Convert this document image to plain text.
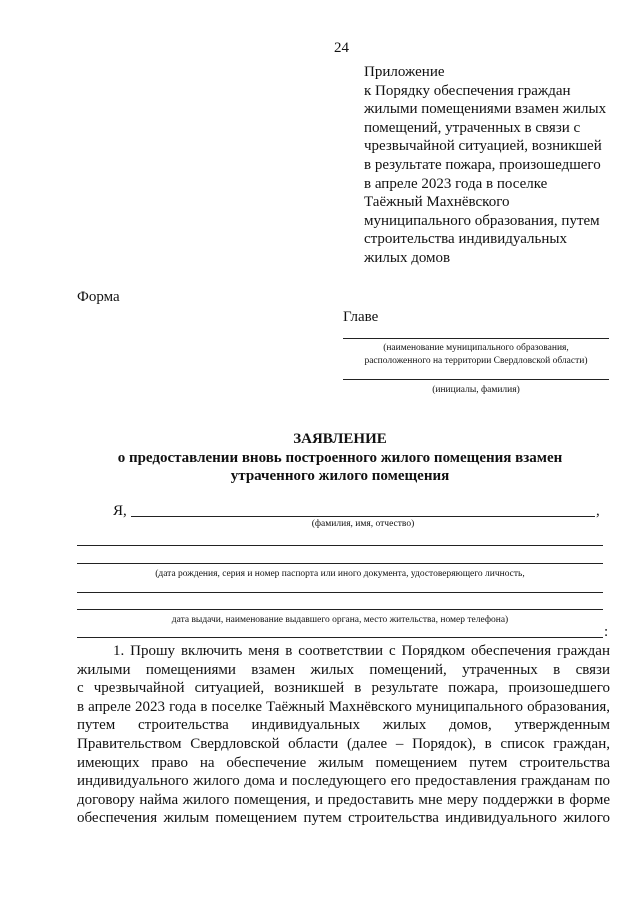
24
Приложение
к Порядку обеспечения граждан
жилыми помещениями взамен жилых
помещений, утраченных в связи с
чрезвычайной ситуацией, возникшей
в результате пожара, произошедшего
в апреле 2023 года в поселке
Таёжный Махнёвского
муниципального образования, путем
строительства индивидуальных
жилых домов
Форма
Главе
(наименование муниципального образования,
расположенного на территории Свердловской области)
(инициалы, фамилия)
ЗАЯВЛЕНИЕ
о предоставлении вновь построенного жилого помещения взамен
утраченного жилого помещения
Я,	,
(фамилия, имя, отчество)
(дата рождения, серия и номер паспорта или иного документа, удостоверяющего личность,
дата выдачи, наименование выдавшего органа, место жительства, номер телефона)
:
1. Прошу включить меня в соответствии с Порядком обеспечения граждан
жилыми помещениями взамен жилых помещений, утраченных в связи
с чрезвычайной ситуацией, возникшей в результате пожара, произошедшего
в апреле 2023 года в поселке Таёжный Махнёвского муниципального образования,
путем строительства индивидуальных жилых домов, утвержденным
Правительством Свердловской области (далее – Порядок), в список граждан,
имеющих право на обеспечение жилым помещением путем строительства
индивидуального жилого дома и последующего его предоставления гражданам по
договору найма жилого помещения, и предоставить мне меру поддержки в форме
обеспечения жилым помещением путем строительства индивидуального жилого
